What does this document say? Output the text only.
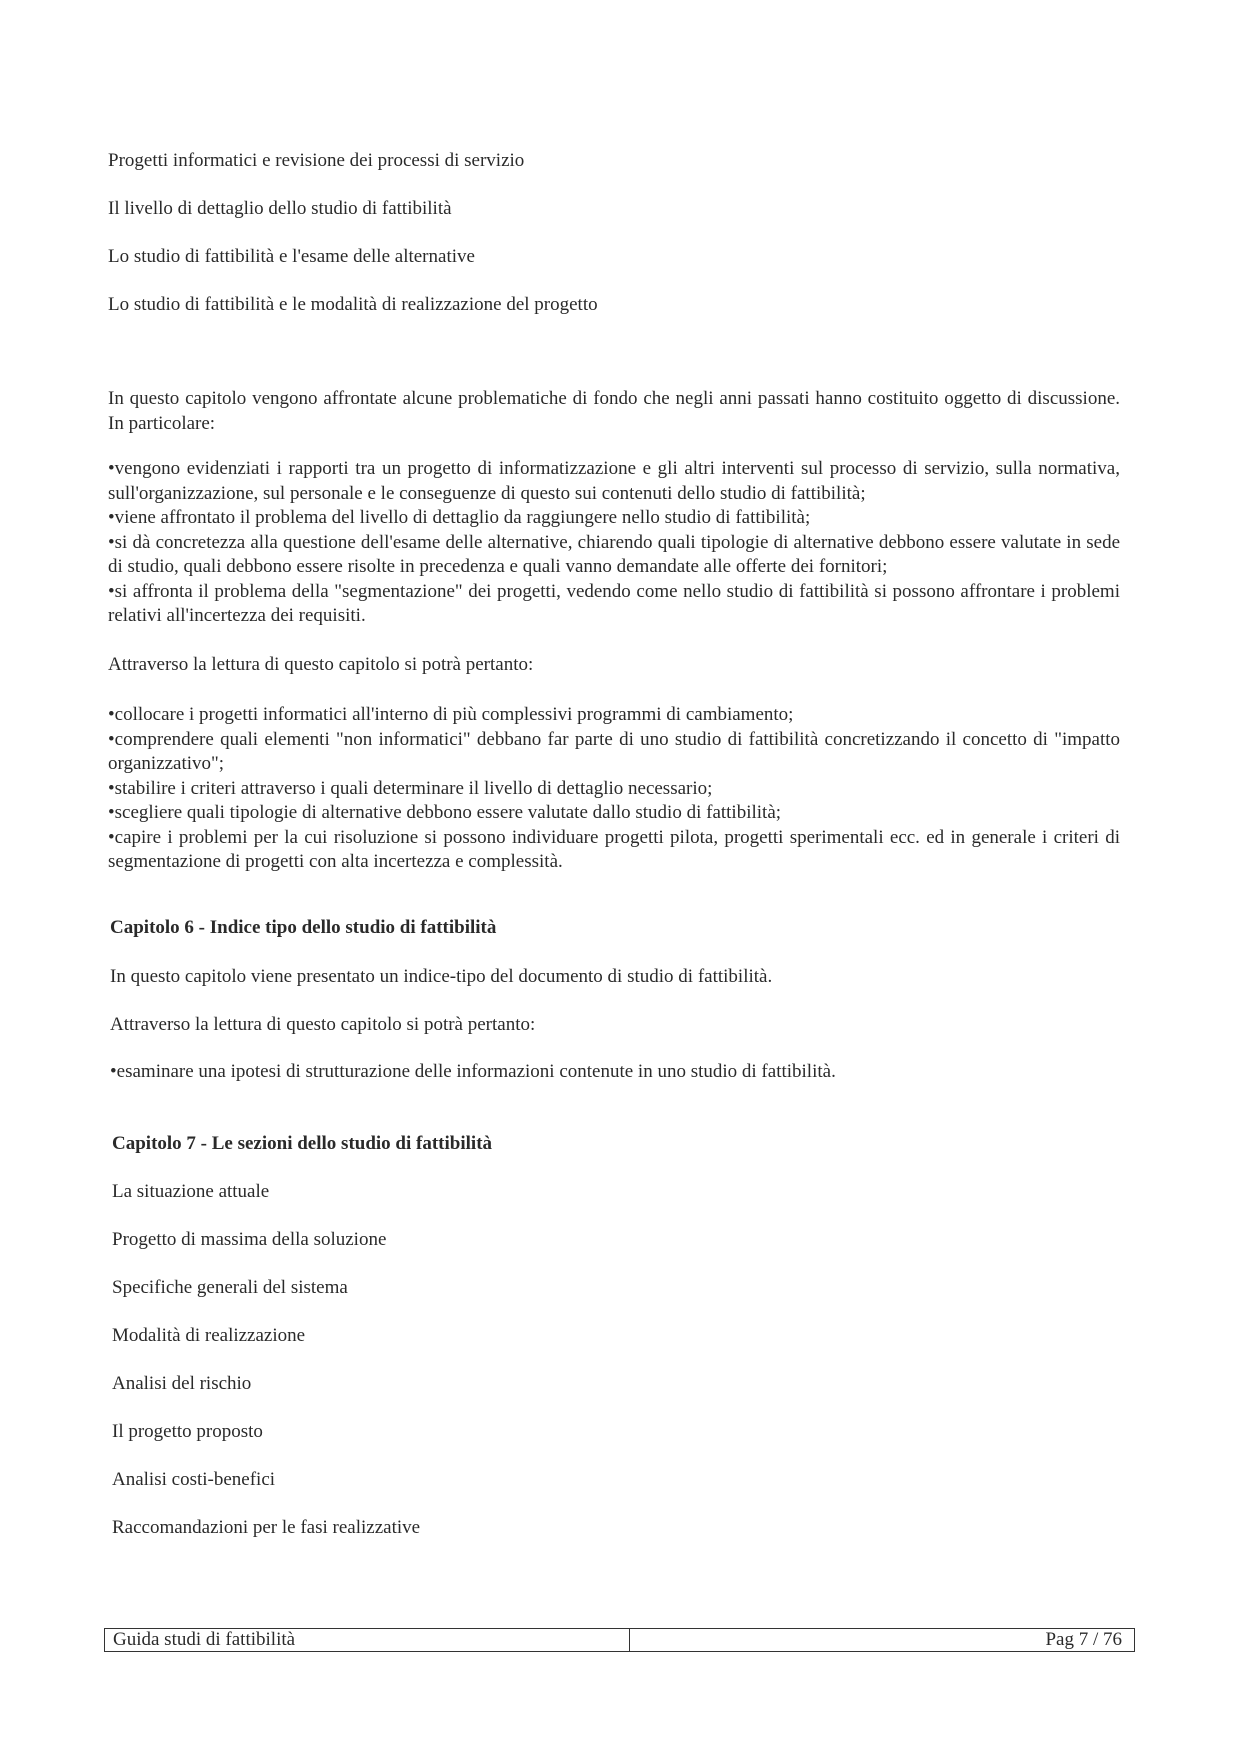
Progetti informatici e revisione dei processi di servizio
Il livello di dettaglio dello studio di fattibilità
Lo studio di fattibilità e l'esame delle alternative
Lo studio di fattibilità e le modalità di realizzazione del progetto
In questo capitolo vengono affrontate alcune problematiche di fondo che negli anni passati hanno costituito oggetto di discussione. In particolare:
• vengono evidenziati i rapporti tra un progetto di informatizzazione e gli altri interventi sul processo di servizio, sulla normativa, sull'organizzazione, sul personale e le conseguenze di questo sui contenuti dello studio di fattibilità;
• viene affrontato il problema del livello di dettaglio da raggiungere nello studio di fattibilità;
• si dà concretezza alla questione dell'esame delle alternative, chiarendo quali tipologie di alternative debbono essere valutate in sede di studio, quali debbono essere risolte in precedenza e quali vanno demandate alle offerte dei fornitori;
• si affronta il problema della "segmentazione" dei progetti, vedendo come nello studio di fattibilità si possono affrontare i problemi relativi all'incertezza dei requisiti.
Attraverso la lettura di questo capitolo si potrà pertanto:
• collocare i progetti informatici all'interno di più complessivi programmi di cambiamento;
• comprendere quali elementi "non informatici" debbano far parte di uno studio di fattibilità concretizzando il concetto di "impatto organizzativo";
• stabilire i criteri attraverso i quali determinare il livello di dettaglio necessario;
• scegliere quali tipologie di alternative debbono essere valutate dallo studio di fattibilità;
• capire i problemi per la cui risoluzione si possono individuare progetti pilota, progetti sperimentali ecc. ed in generale i criteri di segmentazione di progetti con alta incertezza e complessità.
Capitolo 6 - Indice tipo dello studio di fattibilità
In questo capitolo viene presentato un indice-tipo del documento di studio di fattibilità.
Attraverso la lettura di questo capitolo si potrà pertanto:
• esaminare una ipotesi di strutturazione delle informazioni contenute in uno studio di fattibilità.
Capitolo 7 - Le sezioni dello studio di fattibilità
La situazione attuale
Progetto di massima della soluzione
Specifiche generali del sistema
Modalità di realizzazione
Analisi del rischio
Il progetto proposto
Analisi costi-benefici
Raccomandazioni per le fasi realizzative
Guida studi di fattibilità	Pag 7 / 76
